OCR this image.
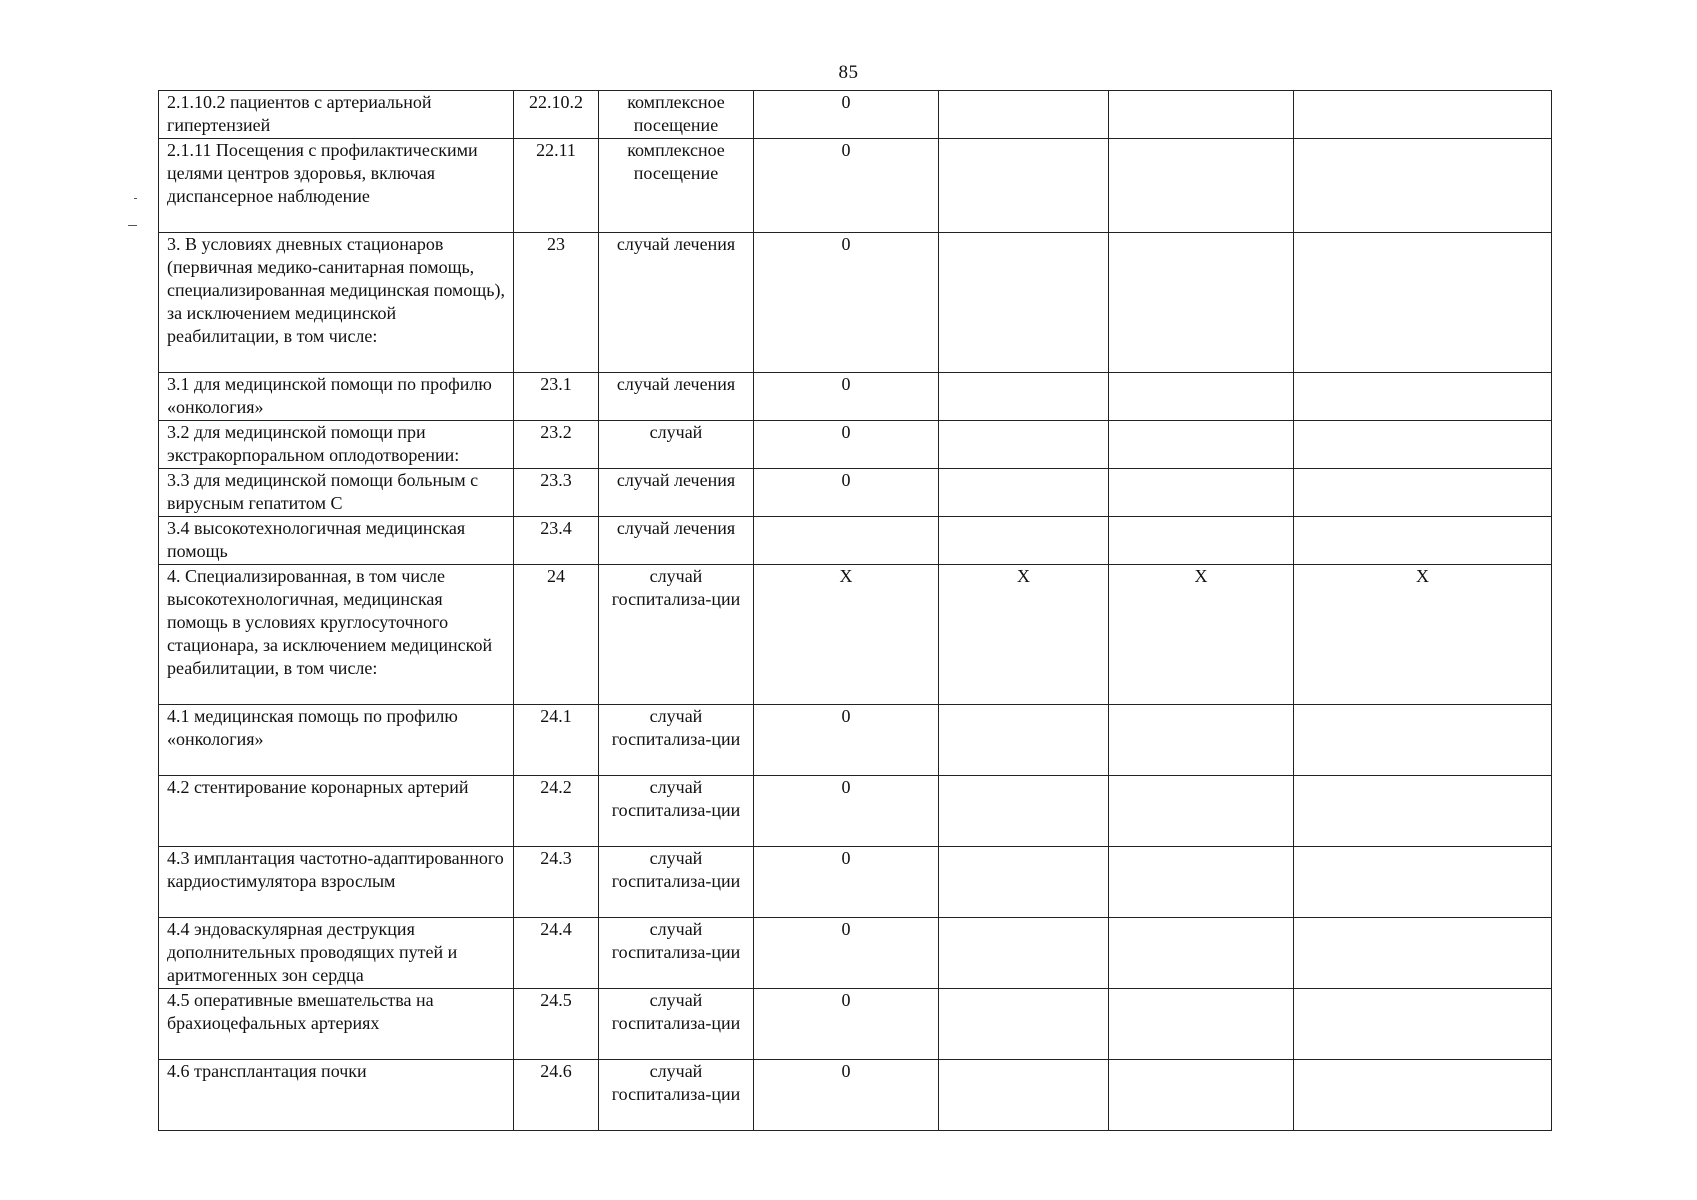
85
2.1.10.2 пациентов с артериальной гипертензией	22.10.2	комплексное посещение	0			
2.1.11 Посещения с профилактическими целями центров здоровья, включая диспансерное наблюдение	22.11	комплексное посещение	0			
3. В условиях дневных стационаров (первичная медико-санитарная помощь, специализированная медицинская помощь), за исключением медицинской реабилитации, в том числе:	23	случай лечения	0			
3.1 для медицинской помощи по профилю «онкология»	23.1	случай лечения	0			
3.2 для медицинской помощи при экстракорпоральном оплодотворении:	23.2	случай	0			
3.3 для медицинской помощи больным с вирусным гепатитом С	23.3	случай лечения	0			
3.4 высокотехнологичная медицинская помощь	23.4	случай лечения				
4. Специализированная, в том числе высокотехнологичная, медицинская помощь в условиях круглосуточного стационара, за исключением медицинской реабилитации, в том числе:	24	случай госпитализа-ции	X	X	X	X
4.1 медицинская помощь по профилю «онкология»	24.1	случай госпитализа-ции	0			
4.2 стентирование коронарных артерий	24.2	случай госпитализа-ции	0			
4.3 имплантация частотно-адаптированного кардиостимулятора взрослым	24.3	случай госпитализа-ции	0			
4.4 эндоваскулярная деструкция дополнительных проводящих путей и аритмогенных зон сердца	24.4	случай госпитализа-ции	0			
4.5 оперативные вмешательства на брахиоцефальных артериях	24.5	случай госпитализа-ции	0			
4.6 трансплантация почки	24.6	случай госпитализа-ции	0			
